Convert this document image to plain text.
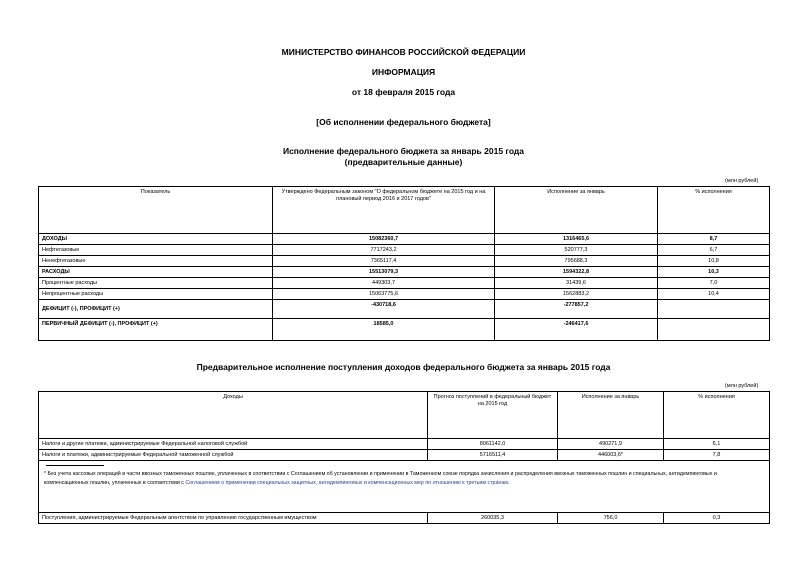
МИНИСТЕРСТВО ФИНАНСОВ РОССИЙСКОЙ ФЕДЕРАЦИИ
ИНФОРМАЦИЯ
от 18 февраля 2015 года
[Об исполнении федерального бюджета]
Исполнение федерального бюджета за январь 2015 года
(предварительные данные)
(млн рублей)
Показатель	Утверждено Федеральным законом "О федеральном бюджете на 2015 год и на плановый период 2016 и 2017 годов"	Исполнение за январь	% исполнения
ДОХОДЫ	15082360,7	1316465,6	8,7
Нефтегазовые	7717243,2	520777,3	6,7
Ненефтегазовые	7365117,4	795688,3	10,8
РАСХОДЫ	15513079,3	1594322,8	10,3
Процентные расходы	449303,7	31439,6	7,0
Непроцентные расходы	15063775,6	1562883,2	10,4
ДЕФИЦИТ (-), ПРОФИЦИТ (+)	-430718,6	-277857,2	
ПЕРВИЧНЫЙ ДЕФИЦИТ (-), ПРОФИЦИТ (+)	18585,0	-246417,6	
Предварительное исполнение поступления доходов федерального бюджета за январь 2015 года
(млн рублей)
Доходы	Прогноз поступлений в федеральный бюджет на 2015 год	Исполнение за январь	% исполнения
Налоги и другие платежи, администрируемые Федеральной налоговой службой	8061142,0	490271,9	6,1
Налоги и платежи, администрируемые Федеральной таможенной службой	5716511,4	446003,6*	7,8

Поступления, администрируемые Федеральным агентством по управлению государственным имуществом	260035,3	756,0	0,3
* Без учета кассовых операций в части ввозных таможенных пошлин, уплаченных в соответствии с Соглашением об установлении и применении в Таможенном союзе порядка зачисления и распределения ввозных таможенных пошлин и специальных, антидемпинговых и компенсационных пошлин, уплаченных в соответствии с Соглашением о применении специальных защитных, антидемпинговых и компенсационных мер по отношению к третьим странам.
